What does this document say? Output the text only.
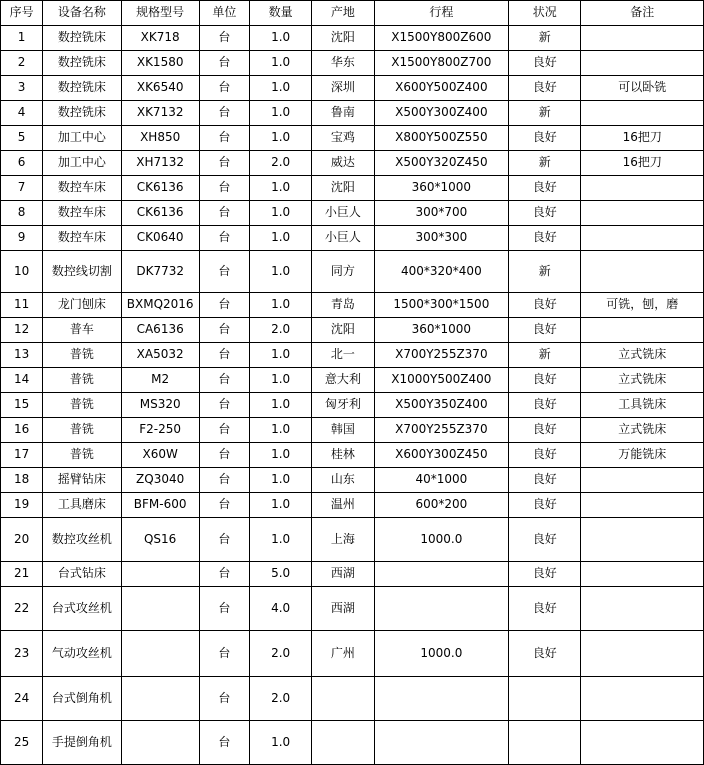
序号	设备名称	规格型号	单位	数量	产地	行程	状况	备注
1	数控铣床	XK718	台	1.0	沈阳	X1500Y800Z600	新	
2	数控铣床	XK1580	台	1.0	华东	X1500Y800Z700	良好	
3	数控铣床	XK6540	台	1.0	深圳	X600Y500Z400	良好	可以卧铣
4	数控铣床	XK7132	台	1.0	鲁南	X500Y300Z400	新	
5	加工中心	XH850	台	1.0	宝鸡	X800Y500Z550	良好	16把刀
6	加工中心	XH7132	台	2.0	威达	X500Y320Z450	新	16把刀
7	数控车床	CK6136	台	1.0	沈阳	360*1000	良好	
8	数控车床	CK6136	台	1.0	小巨人	300*700	良好	
9	数控车床	CK0640	台	1.0	小巨人	300*300	良好	
10	数控线切割	DK7732	台	1.0	同方	400*320*400	新	
11	龙门刨床	BXMQ2016	台	1.0	青岛	1500*300*1500	良好	可铣，刨，磨
12	普车	CA6136	台	2.0	沈阳	360*1000	良好	
13	普铣	XA5032	台	1.0	北一	X700Y255Z370	新	立式铣床
14	普铣	M2	台	1.0	意大利	X1000Y500Z400	良好	立式铣床
15	普铣	MS320	台	1.0	匈牙利	X500Y350Z400	良好	工具铣床
16	普铣	F2-250	台	1.0	韩国	X700Y255Z370	良好	立式铣床
17	普铣	X60W	台	1.0	桂林	X600Y300Z450	良好	万能铣床
18	摇臂钻床	ZQ3040	台	1.0	山东	40*1000	良好	
19	工具磨床	BFM-600	台	1.0	温州	600*200	良好	
20	数控攻丝机	QS16	台	1.0	上海	1000.0	良好	
21	台式钻床		台	5.0	西湖		良好	
22	台式攻丝机		台	4.0	西湖		良好	
23	气动攻丝机		台	2.0	广州	1000.0	良好	
24	台式倒角机		台	2.0				
25	手提倒角机		台	1.0				
